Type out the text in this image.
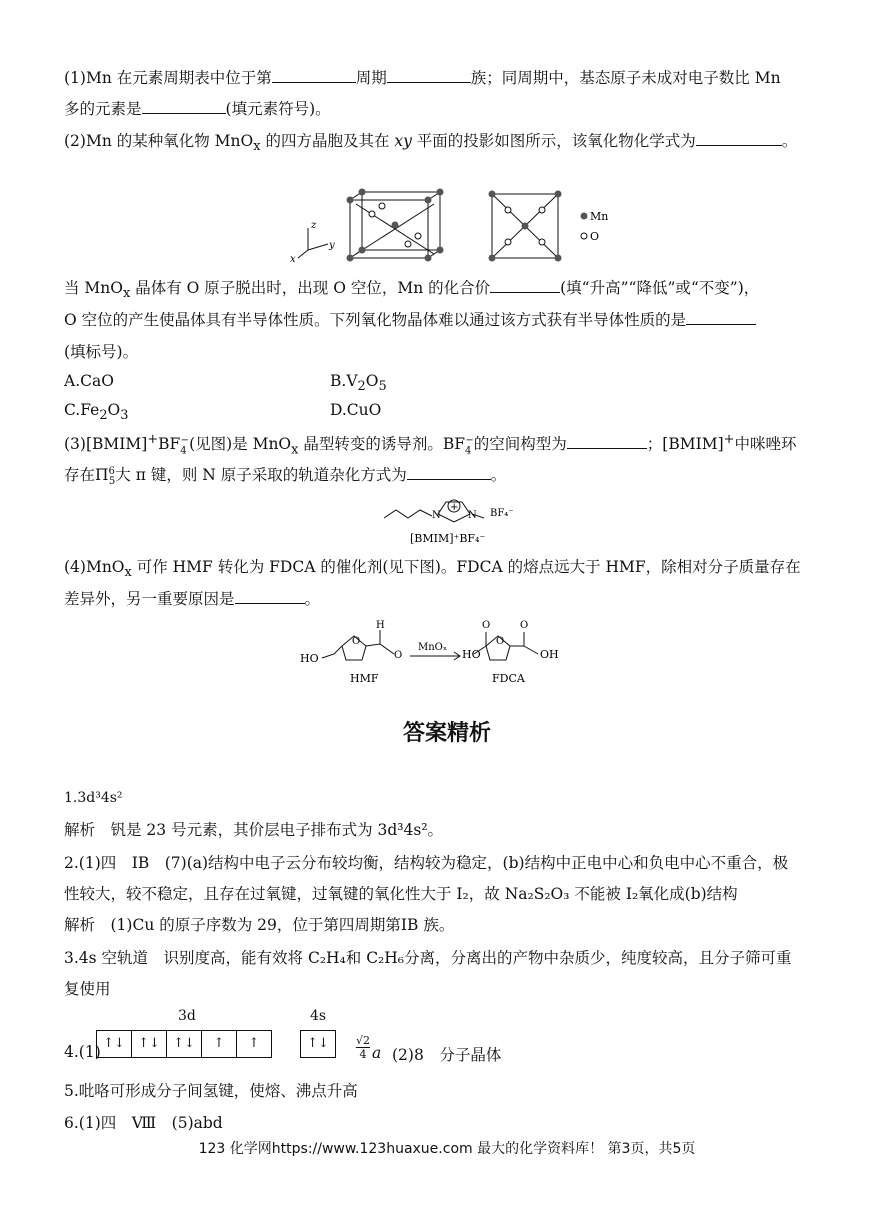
(1)Mn 在元素周期表中位于第	周期	族；同周期中，基态原子未成对电子数比 Mn
多的元素是	(填元素符号)。
(2)Mn 的某种氧化物 MnO$_x$ 的四方晶胞及其在 xy 平面的投影如图所示，该氧化物化学式为	。
z
y
x
Mn
O
当 MnO$_x$ 晶体有 O 原子脱出时，出现 O 空位，Mn 的化合价	(填“升高”“降低”或“不变”)，
O 空位的产生使晶体具有半导体性质。下列氧化物晶体难以通过该方式获有半导体性质的是
(填标号)。
A.CaO	$B.V_2O_5$
$C.Fe_2O_3$	D.CuO
$(3)[BMIM]^+BF_4^-$(见图)是 MnO$_x$ 晶型转变的诱导剂。$BF_4^-$的空间构型为	；[BMIM]+中咪唑环
存在$\Pi^6_5$大 π 键，则 N 原子采取的轨道杂化方式为	。
N	N
+
BF₄⁻
[BMIM]⁺BF₄⁻
(4)MnO$_x$ 可作 HMF 转化为 FDCA 的催化剂(见下图)。FDCA 的熔点远大于 HMF，除相对分子质量存在
差异外，另一重要原因是	。
HO
O
H
O
MnOₓ
HMF
HO
O
O
O
OH
FDCA
答案精析
1.3d³4s²
解析　钒是 23 号元素，其价层电子排布式为 3d³4s²。
2.(1)四　ⅠB　(7)(a)结构中电子云分布较均衡，结构较为稳定，(b)结构中正电中心和负电中心不重合，极
性较大，较不稳定，且存在过氧键，过氧键的氧化性大于 I₂，故 Na₂S₂O₃ 不能被 I₂氧化成(b)结构
解析　(1)Cu 的原子序数为 29，位于第四周期第ⅠB 族。
3.4s 空轨道　识别度高，能有效将 C₂H₄和 C₂H₆分离，分离出的产物中杂质少，纯度较高，且分子筛可重
复使用
4.(1)
3d	4s
↑↓	↑↓	↑↓	↑	↑	↑↓	√2
4 a (2)8　分子晶体
5.吡咯可形成分子间氢键，使熔、沸点升高
6.(1)四　Ⅷ　(5)abd
123 化学网https://www.123huaxue.com 最大的化学资料库！ 第3页，共5页
